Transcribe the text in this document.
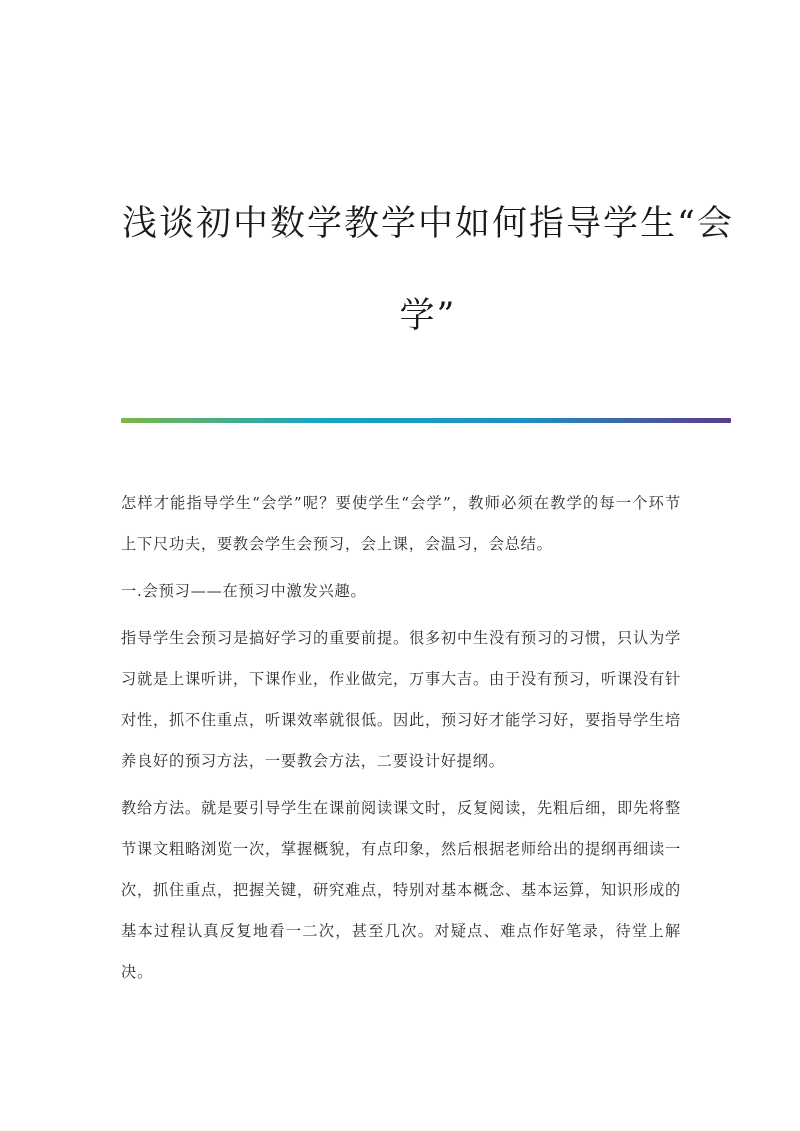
浅谈初中数学教学中如何指导学生“会学”

怎样才能指导学生“会学”呢？要使学生“会学”，教师必须在教学的每一个环节上下尺功夫，要教会学生会预习，会上课，会温习，会总结。

一.会预习——在预习中激发兴趣。

指导学生会预习是搞好学习的重要前提。很多初中生没有预习的习惯，只认为学习就是上课听讲，下课作业，作业做完，万事大吉。由于没有预习，听课没有针对性，抓不住重点，听课效率就很低。因此，预习好才能学习好，要指导学生培养良好的预习方法，一要教会方法，二要设计好提纲。

教给方法。就是要引导学生在课前阅读课文时，反复阅读，先粗后细，即先将整节课文粗略浏览一次，掌握概貌，有点印象，然后根据老师给出的提纲再细读一次，抓住重点，把握关键，研究难点，特别对基本概念、基本运算，知识形成的基本过程认真反复地看一二次，甚至几次。对疑点、难点作好笔录，待堂上解决。
